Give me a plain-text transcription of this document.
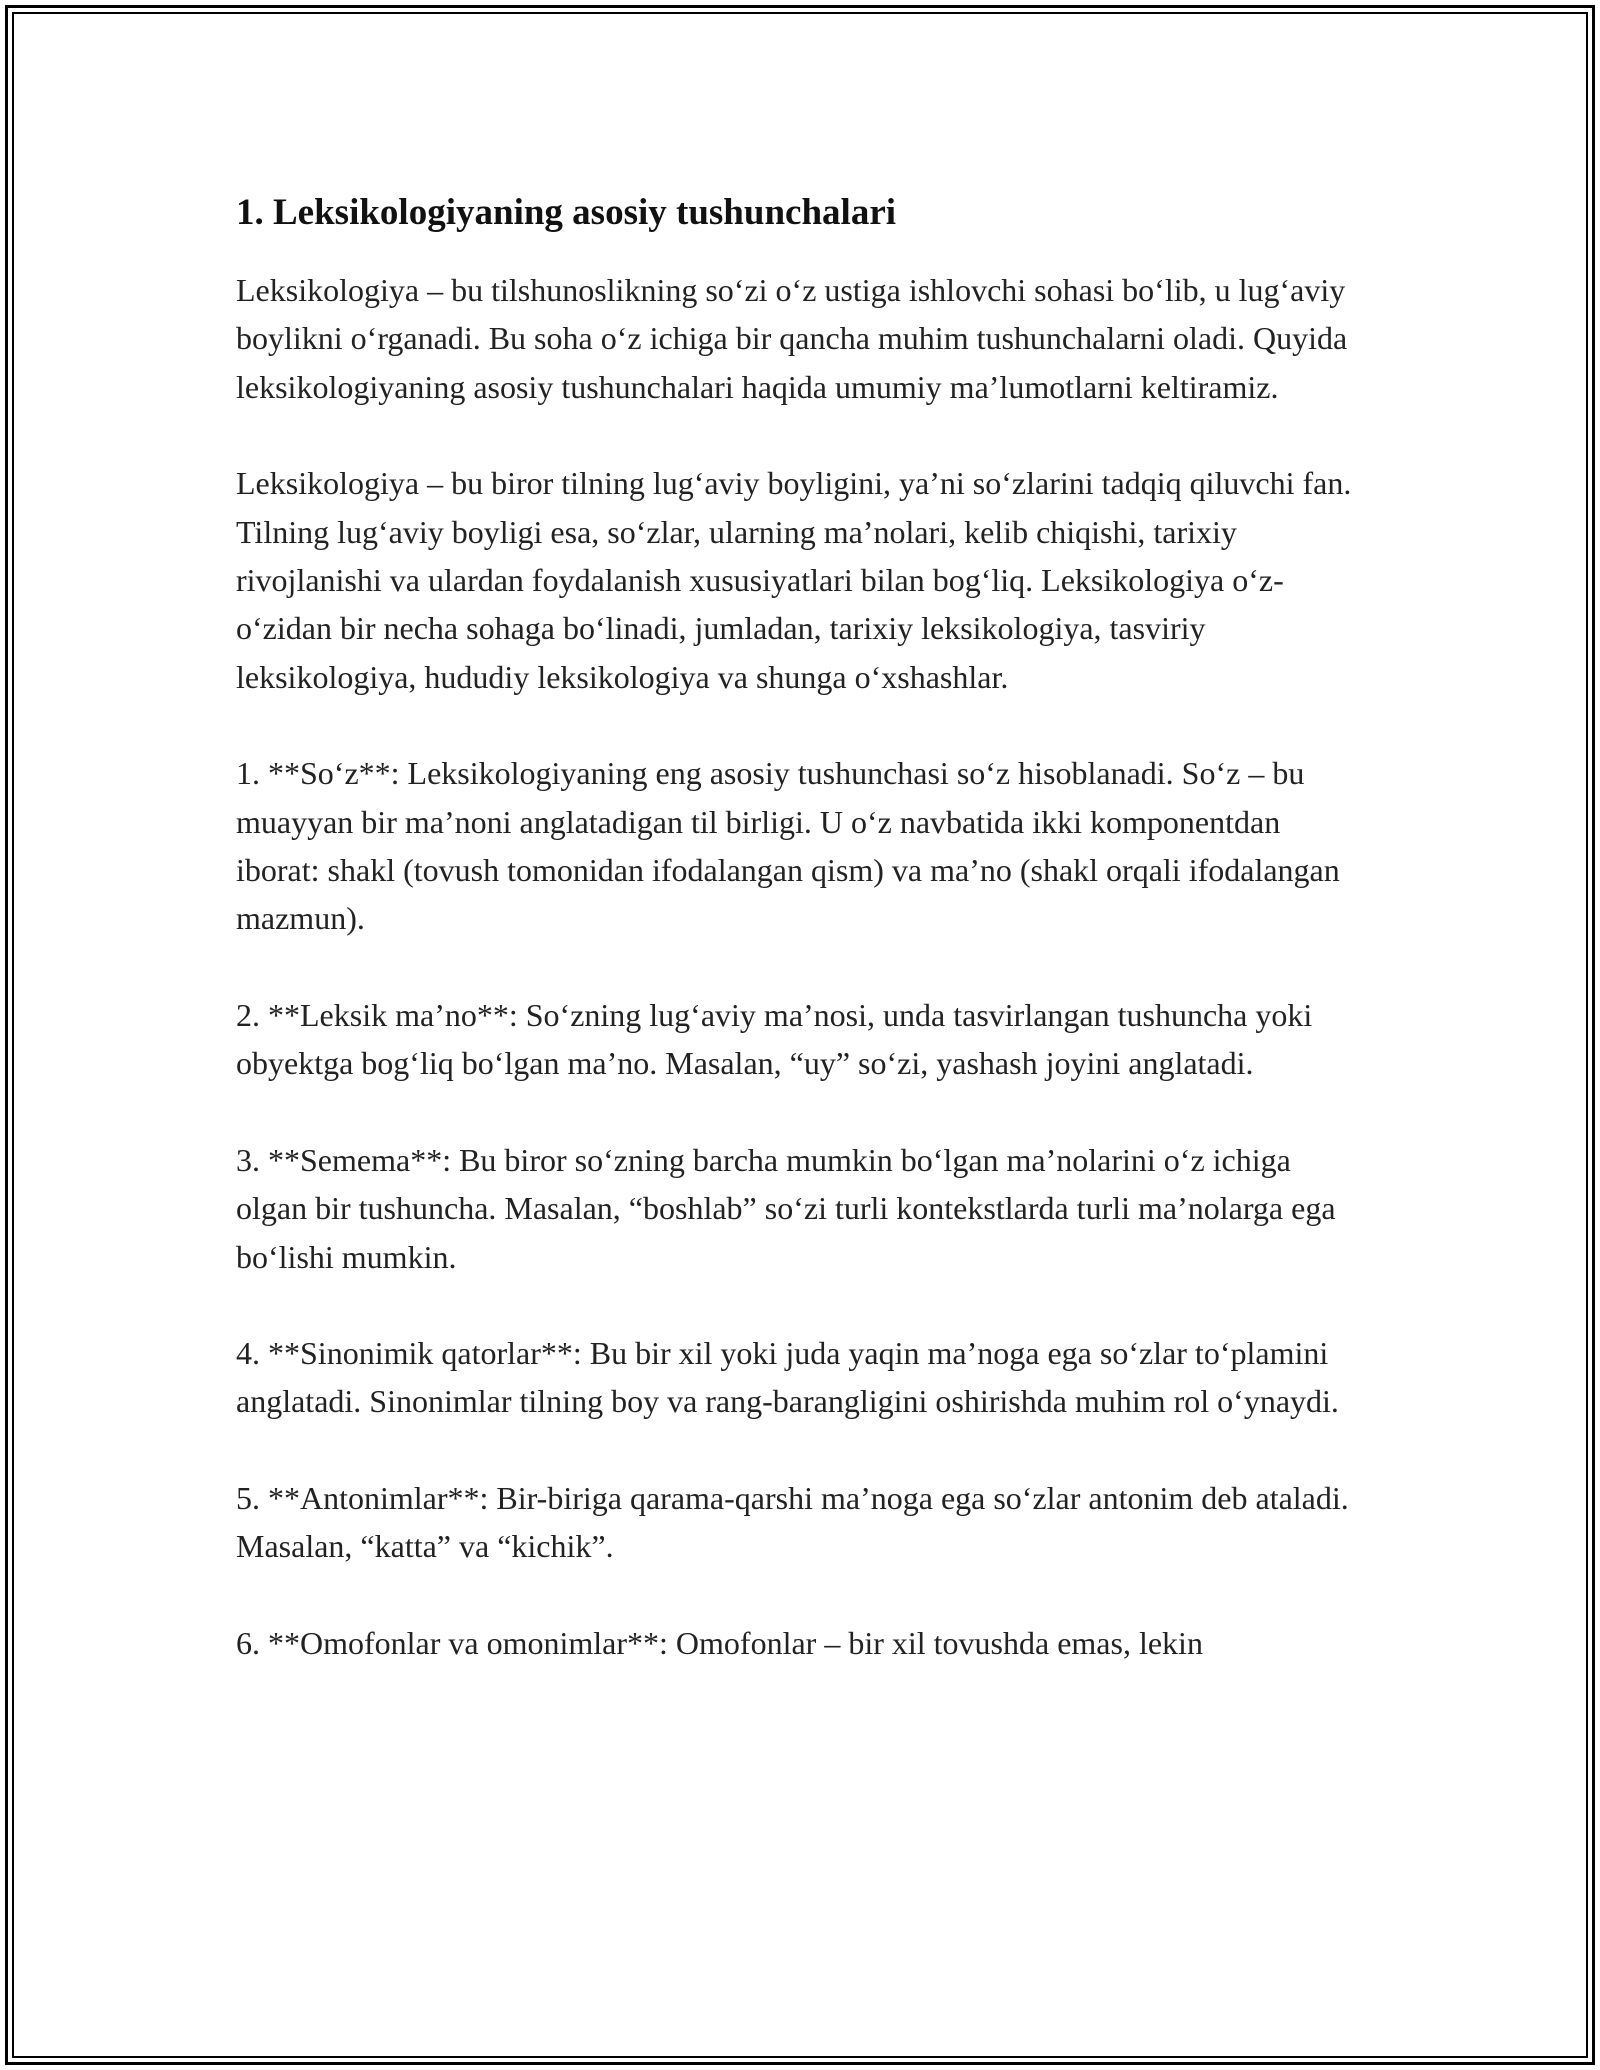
1. Leksikologiyaning asosiy tushunchalari

Leksikologiya – bu tilshunoslikning so‘zi o‘z ustiga ishlovchi sohasi bo‘lib, u lug‘aviy boylikni o‘rganadi. Bu soha o‘z ichiga bir qancha muhim tushunchalarni oladi. Quyida leksikologiyaning asosiy tushunchalari haqida umumiy ma’lumotlarni keltiramiz.

Leksikologiya – bu biror tilning lug‘aviy boyligini, ya’ni so‘zlarini tadqiq qiluvchi fan. Tilning lug‘aviy boyligi esa, so‘zlar, ularning ma’nolari, kelib chiqishi, tarixiy rivojlanishi va ulardan foydalanish xususiyatlari bilan bog‘liq. Leksikologiya o‘z-o‘zidan bir necha sohaga bo‘linadi, jumladan, tarixiy leksikologiya, tasviriy leksikologiya, hududiy leksikologiya va shunga o‘xshashlar.

1. **So‘z**: Leksikologiyaning eng asosiy tushunchasi so‘z hisoblanadi. So‘z – bu muayyan bir ma’noni anglatadigan til birligi. U o‘z navbatida ikki komponentdan iborat: shakl (tovush tomonidan ifodalangan qism) va ma’no (shakl orqali ifodalangan mazmun).

2. **Leksik ma’no**: So‘zning lug‘aviy ma’nosi, unda tasvirlangan tushuncha yoki obyektga bog‘liq bo‘lgan ma’no. Masalan, “uy” so‘zi, yashash joyini anglatadi.

3. **Semema**: Bu biror so‘zning barcha mumkin bo‘lgan ma’nolarini o‘z ichiga olgan bir tushuncha. Masalan, “boshlab” so‘zi turli kontekstlarda turli ma’nolarga ega bo‘lishi mumkin.

4. **Sinonimik qatorlar**: Bu bir xil yoki juda yaqin ma’noga ega so‘zlar to‘plamini anglatadi. Sinonimlar tilning boy va rang-barangligini oshirishda muhim rol o‘ynaydi.

5. **Antonimlar**: Bir-biriga qarama-qarshi ma’noga ega so‘zlar antonim deb ataladi. Masalan, “katta” va “kichik”.

6. **Omofonlar va omonimlar**: Omofonlar – bir xil tovushda emas, lekin
